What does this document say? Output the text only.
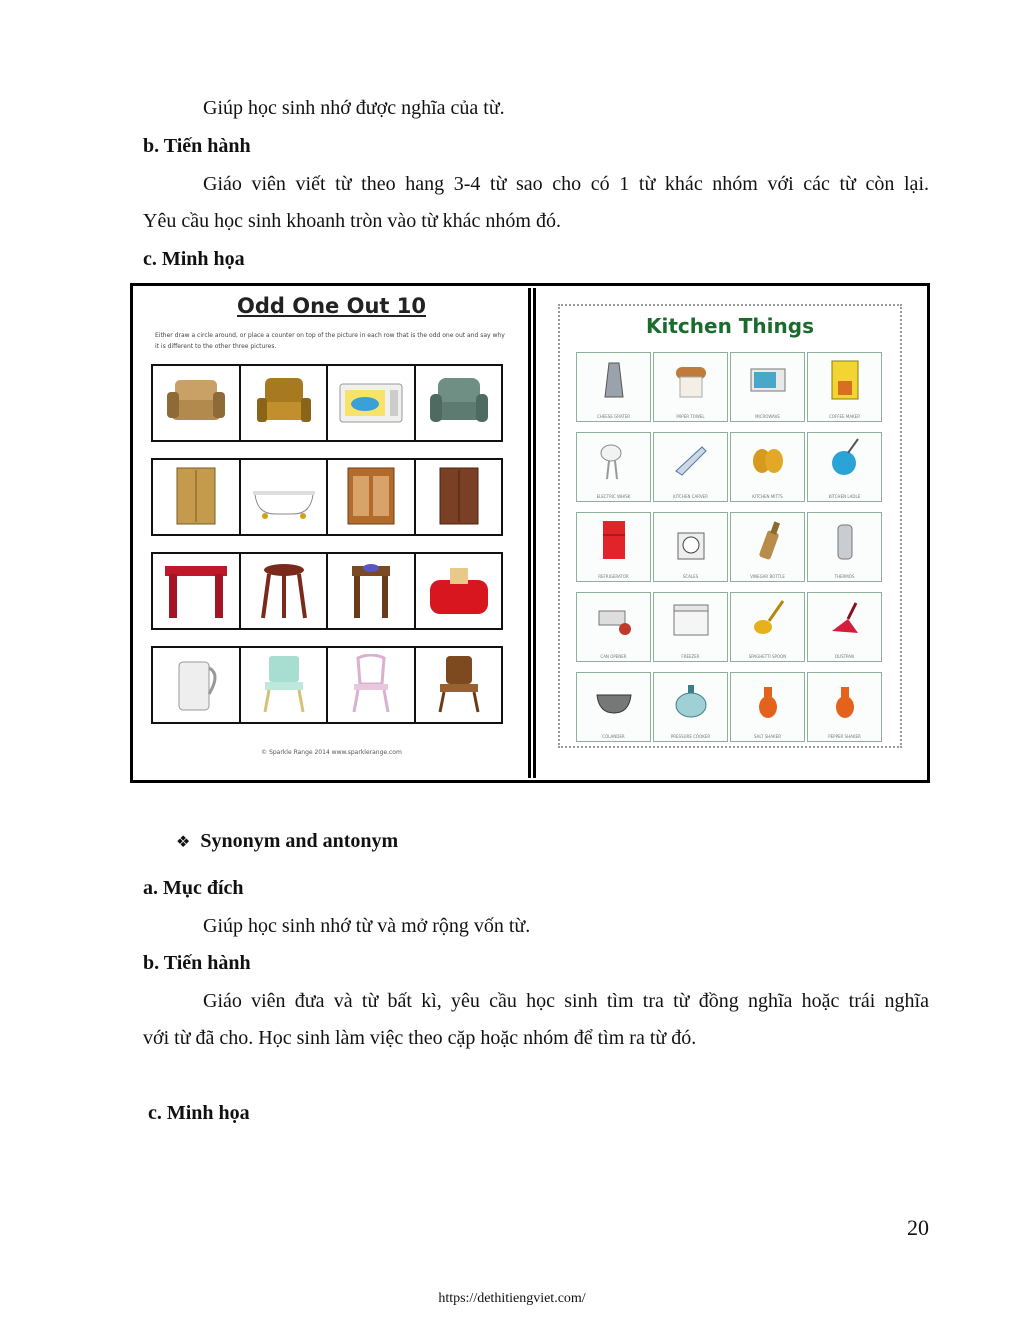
Giúp học sinh nhớ được nghĩa của từ.
b. Tiến hành
Giáo viên viết từ theo hang 3-4 từ sao cho có 1 từ khác nhóm với các từ còn lại.
Yêu cầu học sinh khoanh tròn vào từ khác nhóm đó.
c. Minh họa
Odd One Out 10
Either draw a circle around, or place a counter on top of the picture in each row that is the odd one out and say why it is different to the other three pictures.
© Sparkle Range 2014 www.sparklerange.com
Kitchen Things
CHEESE GRATER	PAPER TOWEL	MICROWAVE	COFFEE MAKER
ELECTRIC WHISK	KITCHEN CARVER	KITCHEN MITTS	KITCHEN LADLE
REFRIGERATOR	SCALES	VINEGAR BOTTLE	THERMOS
CAN OPENER	FREEZER	SPAGHETTI SPOON	DUSTPAN
COLANDER	PRESSURE COOKER	SALT SHAKER	PEPPER SHAKER
❖ Synonym and antonym
a. Mục đích
Giúp học sinh nhớ từ và mở rộng vốn từ.
b. Tiến hành
Giáo viên đưa và từ bất kì, yêu cầu học sinh tìm tra từ đồng nghĩa hoặc trái nghĩa
với từ đã cho. Học sinh làm việc theo cặp hoặc nhóm để tìm ra từ đó.
c. Minh họa
20
https://dethitiengviet.com/
